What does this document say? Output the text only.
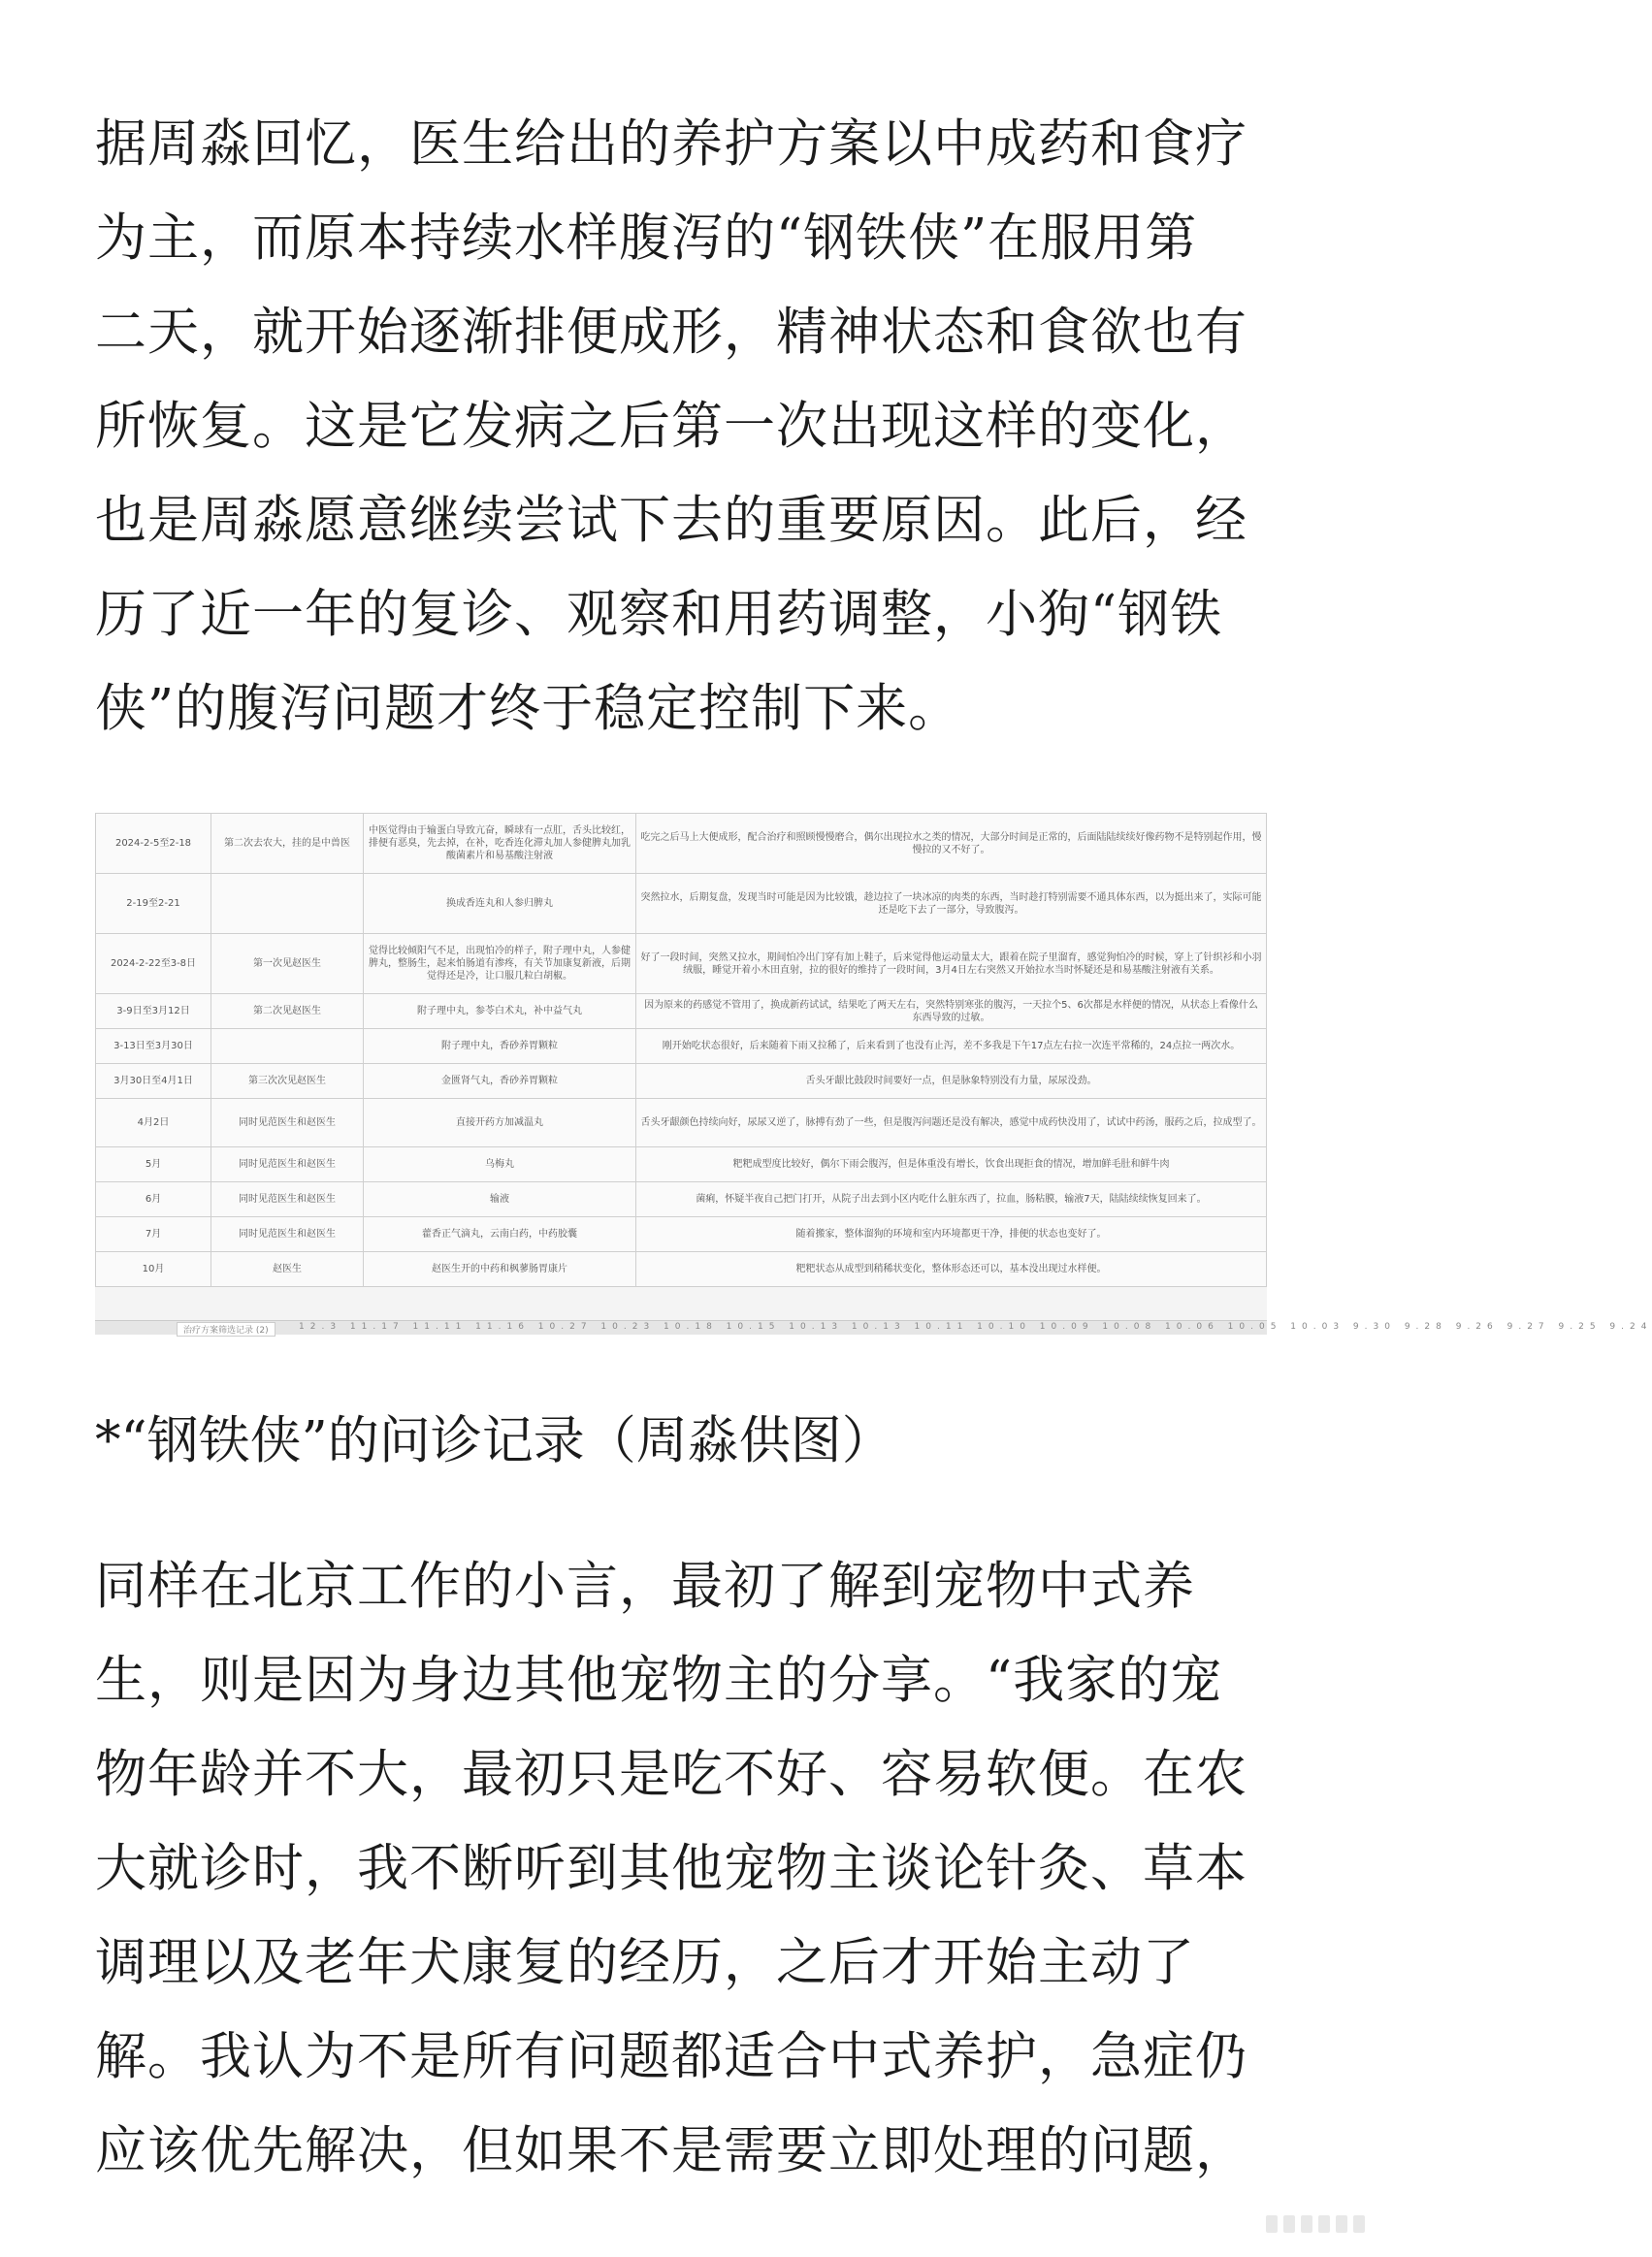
据周淼回忆，医生给出的养护方案以中成药和食疗
为主，而原本持续水样腹泻的“钢铁侠”在服用第
二天，就开始逐渐排便成形，精神状态和食欲也有
所恢复。这是它发病之后第一次出现这样的变化，
也是周淼愿意继续尝试下去的重要原因。此后，经
历了近一年的复诊、观察和用药调整，小狗“钢铁
侠”的腹泻问题才终于稳定控制下来。
2024-2-5至2-18	第二次去农大，挂的是中兽医	中医觉得由于输蛋白导致亢奋，瞬球有一点肛，舌头比较红，排便有恶臭，先去掉，在补，吃香连化滞丸加人参健脾丸加乳酸菌素片和易基酸注射液	吃完之后马上大便成形，配合治疗和照顾慢慢磨合，偶尔出现拉水之类的情况，大部分时间是正常的，后面陆陆续续好像药物不是特别起作用，慢慢拉的又不好了。
2-19至2-21		换成香连丸和人参归脾丸	突然拉水，后期复盘，发现当时可能是因为比较饿，趁边拉了一块冰凉的肉类的东西，当时趁打特别需要不通具体东西，以为挺出来了，实际可能还是吃下去了一部分，导致腹泻。
2024-2-22至3-8日	第一次见赵医生	觉得比较倾阳气不足，出现怕冷的样子，附子理中丸，人参健脾丸，整肠生，起来怕肠道有渗疼，有关节加康复新液，后期觉得还是冷，让口服几粒白胡椒。	好了一段时间，突然又拉水，期间怕冷出门穿有加上鞋子，后来觉得他运动量太大，跟着在院子里溜育，感觉狗怕冷的时候，穿上了针织衫和小羽绒服，睡觉开着小木田直射，拉的很好的维持了一段时间，3月4日左右突然又开始拉水当时怀疑还是和易基酸注射液有关系。
3-9日至3月12日	第二次见赵医生	附子理中丸，参苓白术丸，补中益气丸	因为原来的药感觉不管用了，换成新药试试，结果吃了两天左右，突然特别寒张的腹泻，一天拉个5、6次都是水样便的情况，从状态上看像什么东西导致的过敏。
3-13日至3月30日		附子理中丸，香砂养胃颗粒	刚开始吃状态很好，后来随着下雨又拉稀了，后来看到了也没有止泻，差不多我是下午17点左右拉一次连平常稀的，24点拉一两次水。
3月30日至4月1日	第三次次见赵医生	金匮肾气丸，香砂养胃颗粒	舌头牙龈比鼓段时间要好一点，但是脉象特别没有力量，尿尿没劲。
4月2日	同时见范医生和赵医生	直接开药方加减温丸	舌头牙龈颜色持续向好，尿尿又逆了，脉搏有劲了一些，但是腹泻问题还是没有解决，感觉中成药快没用了，试试中药汤，服药之后，拉成型了。
5月	同时见范医生和赵医生	乌梅丸	粑粑成型度比较好，偶尔下雨会腹泻，但是体重没有增长，饮食出现拒食的情况，增加鲜毛肚和鲜牛肉
6月	同时见范医生和赵医生	输液	菌痢，怀疑半夜自己把门打开，从院子出去到小区内吃什么脏东西了，拉血，肠粘膜，输液7天，陆陆续续恢复回来了。
7月	同时见范医生和赵医生	藿香正气滴丸，云南白药，中药胶囊	随着搬家，整体溜狗的环境和室内环境都更干净，排便的状态也变好了。
10月	赵医生	赵医生开的中药和枫蓼肠胃康片	粑粑状态从成型到稍稀状变化，整体形态还可以，基本没出现过水样便。
治疗方案筛选记录 (2)	12.3 11.17 11.11 11.16 10.27 10.23 10.18 10.15 10.13 10.13 10.11 10.10 10.09 10.08 10.06 10.05 10.03 9.30 9.28 9.26 9.27 9.25 9.24

*“钢铁侠”的问诊记录（周淼供图）

同样在北京工作的小言，最初了解到宠物中式养
生，则是因为身边其他宠物主的分享。“我家的宠
物年龄并不大，最初只是吃不好、容易软便。在农
大就诊时，我不断听到其他宠物主谈论针灸、草本
调理以及老年犬康复的经历，之后才开始主动了
解。我认为不是所有问题都适合中式养护，急症仍
应该优先解决，但如果不是需要立即处理的问题，
